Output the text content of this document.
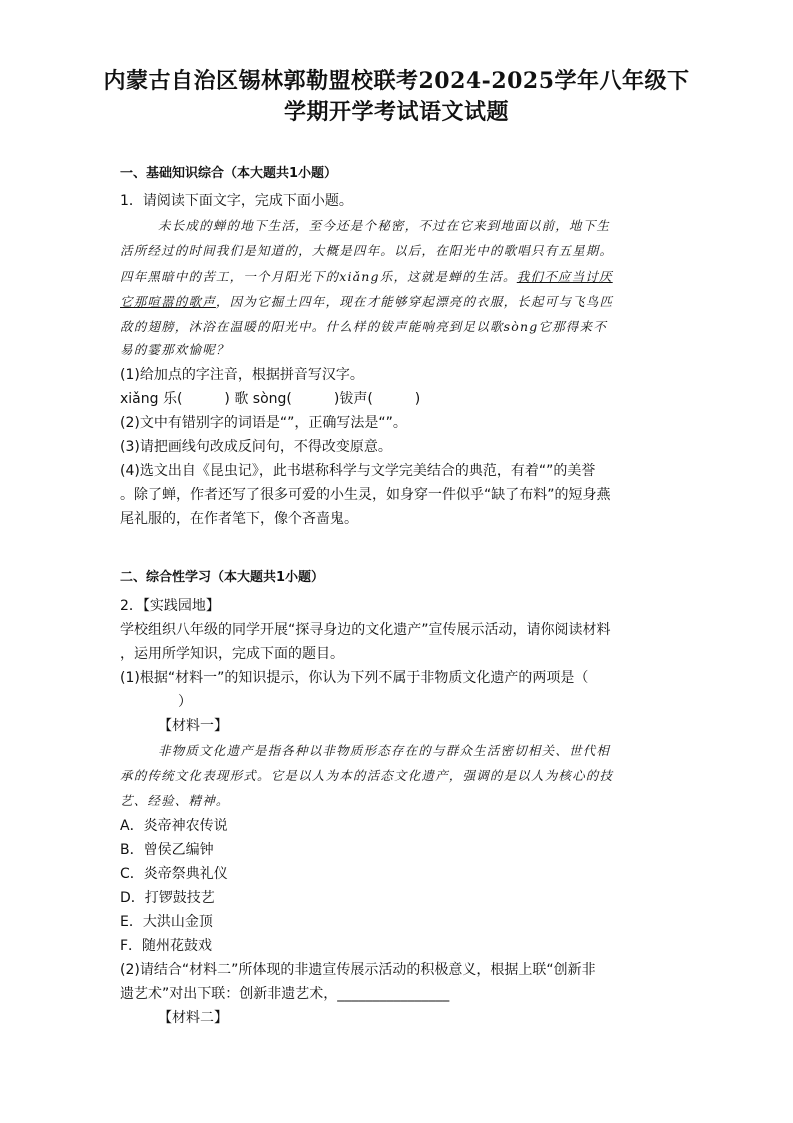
内蒙古自治区锡林郭勒盟校联考2024-2025学年八年级下
学期开学考试语文试题
一、基础知识综合（本大题共1小题）
1．请阅读下面文字，完成下面小题。
未长成的蝉的地下生活，至今还是个秘密，不过在它来到地面以前，地下生
活所经过的时间我们是知道的，大概是四年。以后，在阳光中的歌唱只有五星期。
四年黑暗中的苦工，一个月阳光下的xiǎng乐，这就是蝉的生活。我们不应当讨厌
它那喧嚣的歌声，因为它掘土四年，现在才能够穿起漂亮的衣服，长起可与飞鸟匹
敌的翅膀，沐浴在温暖的阳光中。什么样的钹声能响亮到足以歌sòng它那得来不
易的霎那欢愉呢？
(1)给加点的字注音，根据拼音写汉字。
xiǎng 乐(　　　) 歌 sòng(　　　)钹声(　　　)
(2)文中有错别字的词语是“”，正确写法是“”。
(3)请把画线句改成反问句，不得改变原意。
(4)选文出自《昆虫记》，此书堪称科学与文学完美结合的典范，有着“”的美誉
。除了蝉，作者还写了很多可爱的小生灵，如身穿一件似乎“缺了布料”的短身燕
尾礼服的，在作者笔下，像个吝啬鬼。
二、综合性学习（本大题共1小题）
2．【实践园地】
学校组织八年级的同学开展“探寻身边的文化遗产”宣传展示活动，请你阅读材料
，运用所学知识，完成下面的题目。
(1)根据“材料一”的知识提示，你认为下列不属于非物质文化遗产的两项是（
）
【材料一】
非物质文化遗产是指各种以非物质形态存在的与群众生活密切相关、世代相
承的传统文化表现形式。它是以人为本的活态文化遗产，强调的是以人为核心的技
艺、经验、精神。
A．炎帝神农传说
B．曾侯乙编钟
C．炎帝祭典礼仪
D．打锣鼓技艺
E．大洪山金顶
F．随州花鼓戏
(2)请结合“材料二”所体现的非遗宣传展示活动的积极意义，根据上联“创新非
遗艺术”对出下联：创新非遗艺术，________________
【材料二】
